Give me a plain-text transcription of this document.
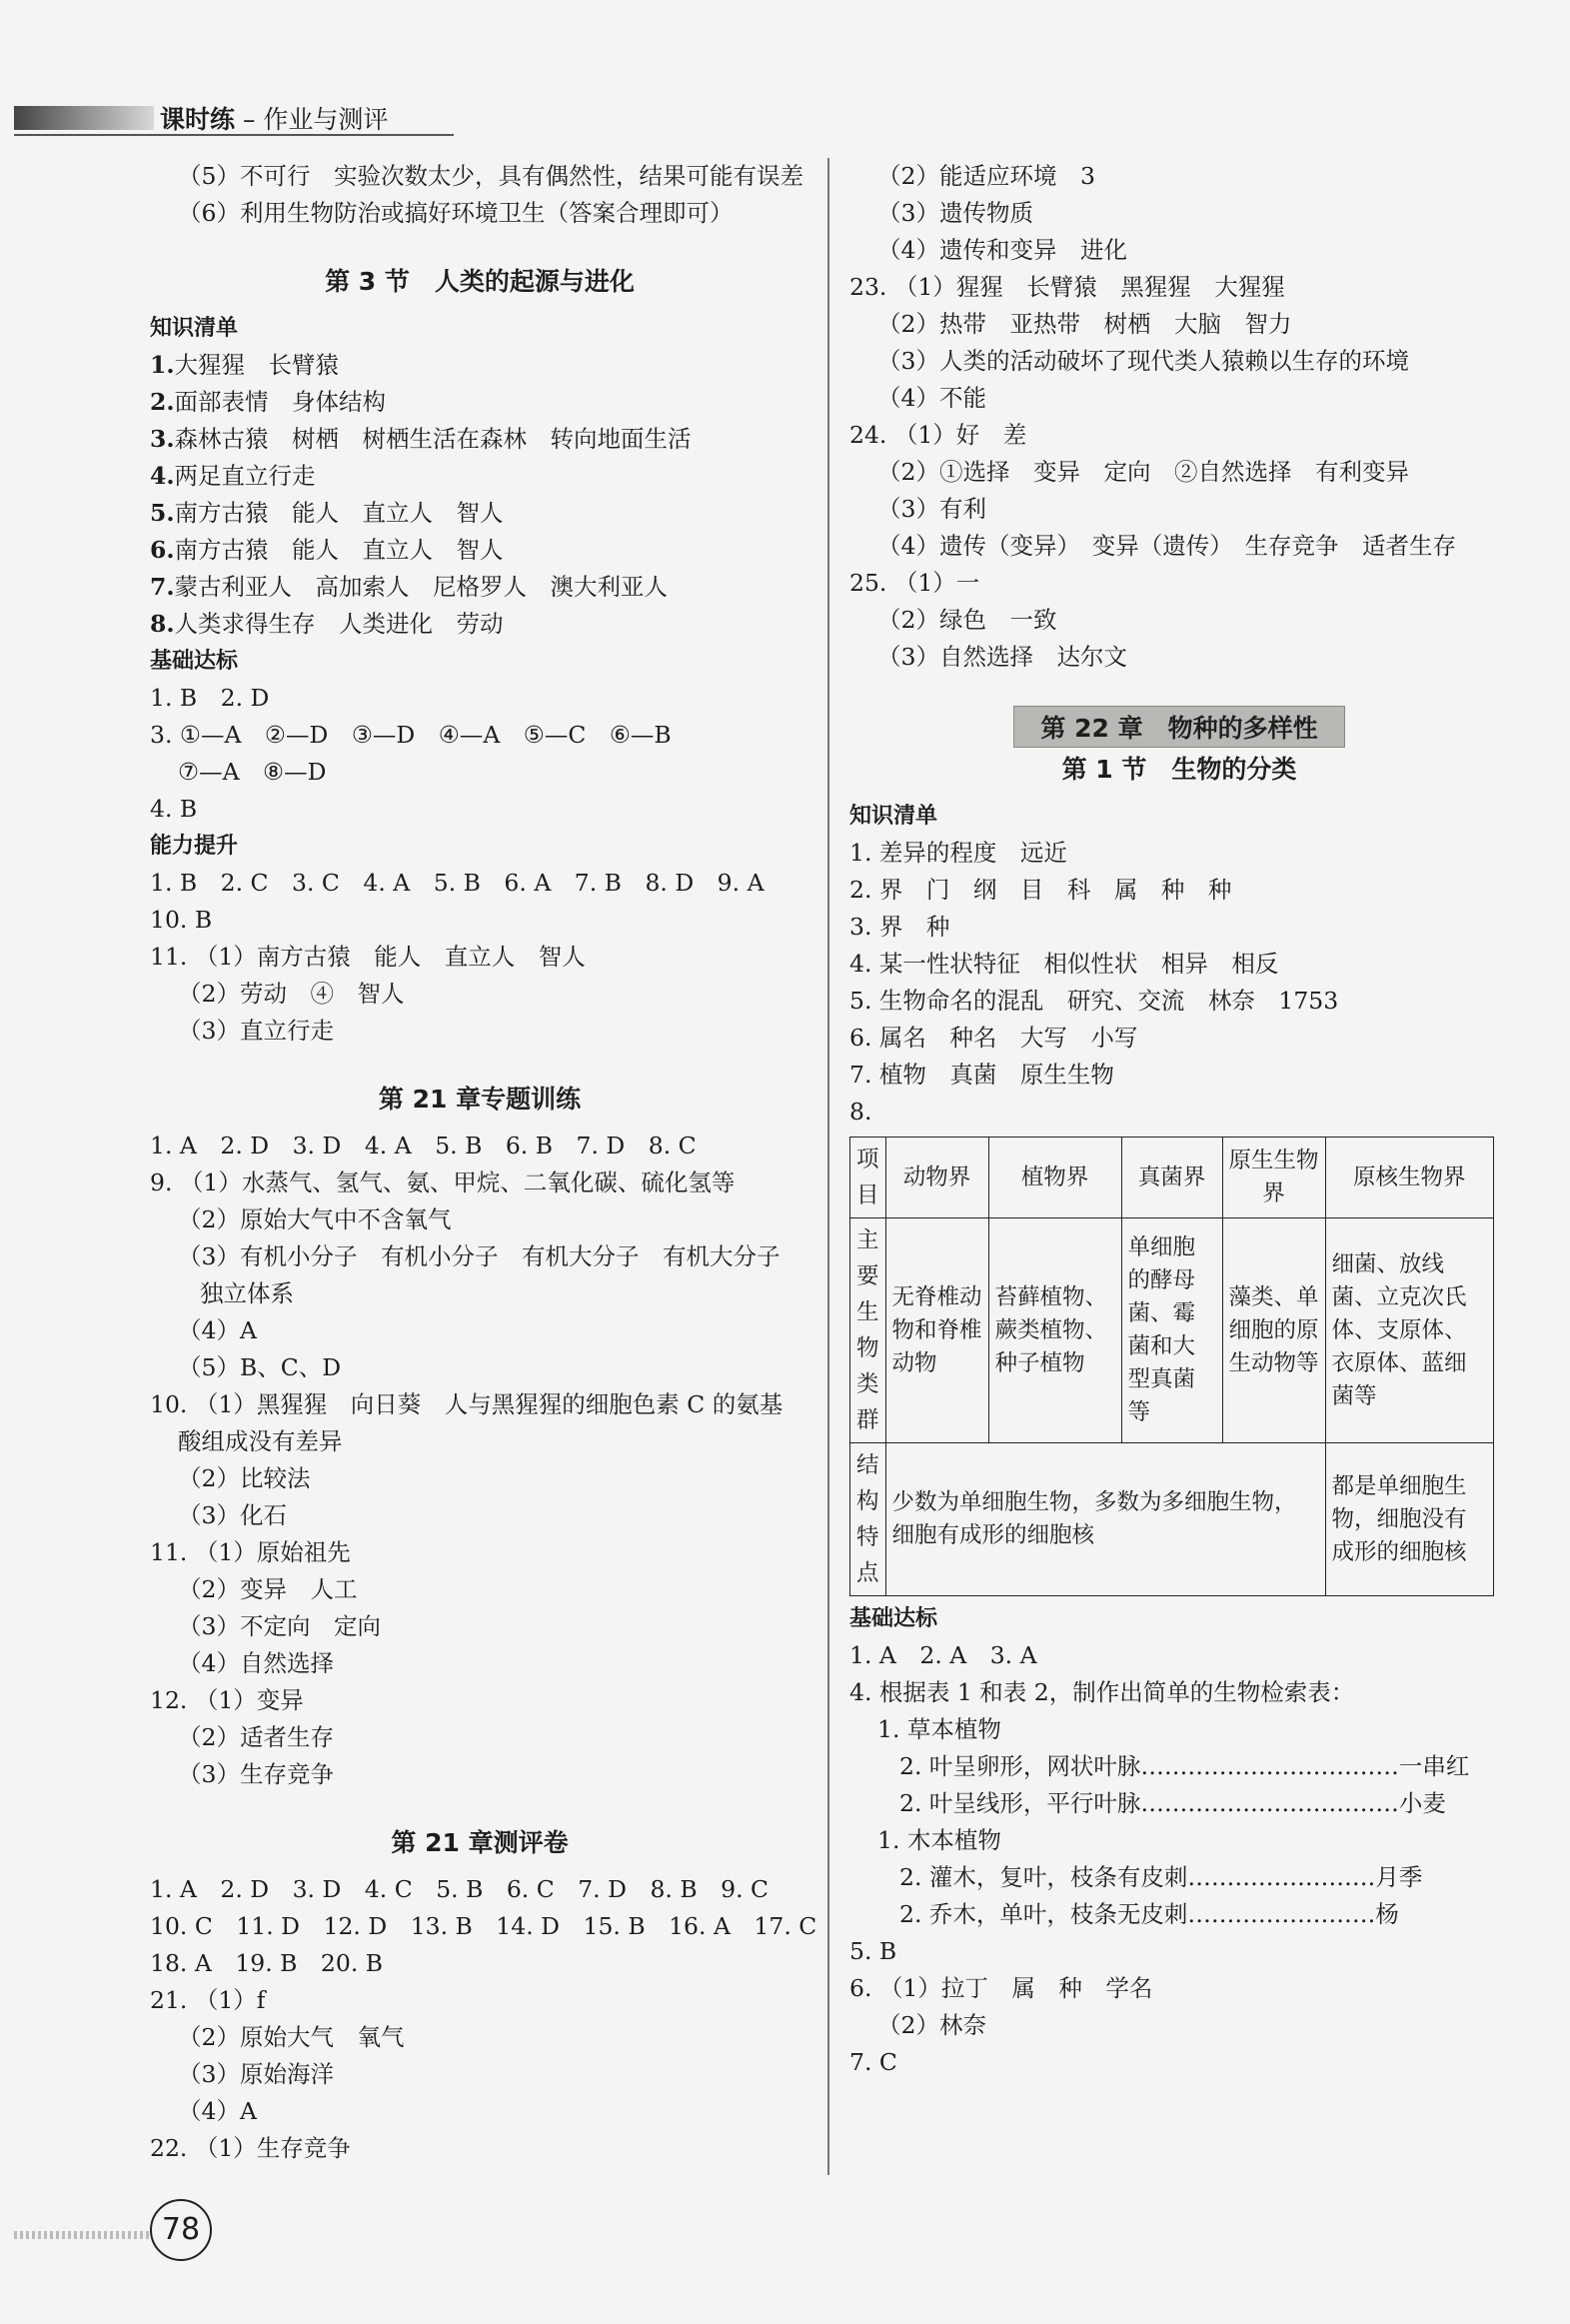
课时练 – 作业与测评
（5）不可行　实验次数太少，具有偶然性，结果可能有误差
（6）利用生物防治或搞好环境卫生（答案合理即可）
第 3 节　人类的起源与进化
知识清单
1.大猩猩　长臂猿
2.面部表情　身体结构
3.森林古猿　树栖　树栖生活在森林　转向地面生活
4.两足直立行走
5.南方古猿　能人　直立人　智人
6.南方古猿　能人　直立人　智人
7.蒙古利亚人　高加索人　尼格罗人　澳大利亚人
8.人类求得生存　人类进化　劳动
基础达标
1. B　2. D
3. ①—A　②—D　③—D　④—A　⑤—C　⑥—B
⑦—A　⑧—D
4. B
能力提升
1. B　2. C　3. C　4. A　5. B　6. A　7. B　8. D　9. A
10. B
11. （1）南方古猿　能人　直立人　智人
（2）劳动　④　智人
（3）直立行走
第 21 章专题训练
1. A　2. D　3. D　4. A　5. B　6. B　7. D　8. C
9. （1）水蒸气、氢气、氨、甲烷、二氧化碳、硫化氢等
（2）原始大气中不含氧气
（3）有机小分子　有机小分子　有机大分子　有机大分子
独立体系
（4）A
（5）B、C、D
10. （1）黑猩猩　向日葵　人与黑猩猩的细胞色素 C 的氨基
酸组成没有差异
（2）比较法
（3）化石
11. （1）原始祖先
（2）变异　人工
（3）不定向　定向
（4）自然选择
12. （1）变异
（2）适者生存
（3）生存竞争
第 21 章测评卷
1. A　2. D　3. D　4. C　5. B　6. C　7. D　8. B　9. C
10. C　11. D　12. D　13. B　14. D　15. B　16. A　17. C
18. A　19. B　20. B
21. （1）f
（2）原始大气　氧气
（3）原始海洋
（4）A
22. （1）生存竞争
（2）能适应环境　3
（3）遗传物质
（4）遗传和变异　进化
23. （1）猩猩　长臂猿　黑猩猩　大猩猩
（2）热带　亚热带　树栖　大脑　智力
（3）人类的活动破坏了现代类人猿赖以生存的环境
（4）不能
24. （1）好　差
（2）①选择　变异　定向　②自然选择　有利变异
（3）有利
（4）遗传（变异）　变异（遗传）　生存竞争　适者生存
25. （1）一
（2）绿色　一致
（3）自然选择　达尔文
第 22 章　物种的多样性
第 1 节　生物的分类
知识清单
1. 差异的程度　远近
2. 界　门　纲　目　科　属　种　种
3. 界　种
4. 某一性状特征　相似性状　相异　相反
5. 生物命名的混乱　研究、交流　林奈　1753
6. 属名　种名　大写　小写
7. 植物　真菌　原生生物
8.
项目	动物界	植物界	真菌界	原生生物界	原核生物界
主要生物类群	无脊椎动物和脊椎动物	苔藓植物、蕨类植物、种子植物	单细胞的酵母菌、霉菌和大型真菌等	藻类、单细胞的原生动物等	细菌、放线菌、立克次氏体、支原体、衣原体、蓝细菌等
结构特点	少数为单细胞生物，多数为多细胞生物，细胞有成形的细胞核				都是单细胞生物，细胞没有成形的细胞核
基础达标
1. A　2. A　3. A
4. 根据表 1 和表 2，制作出简单的生物检索表：
1. 草本植物
2. 叶呈卵形，网状叶脉……………………………一串红
2. 叶呈线形，平行叶脉……………………………小麦
1. 木本植物
2. 灌木，复叶，枝条有皮刺……………………月季
2. 乔木，单叶，枝条无皮刺……………………杨
5. B
6. （1）拉丁　属　种　学名
（2）林奈
7. C
78
